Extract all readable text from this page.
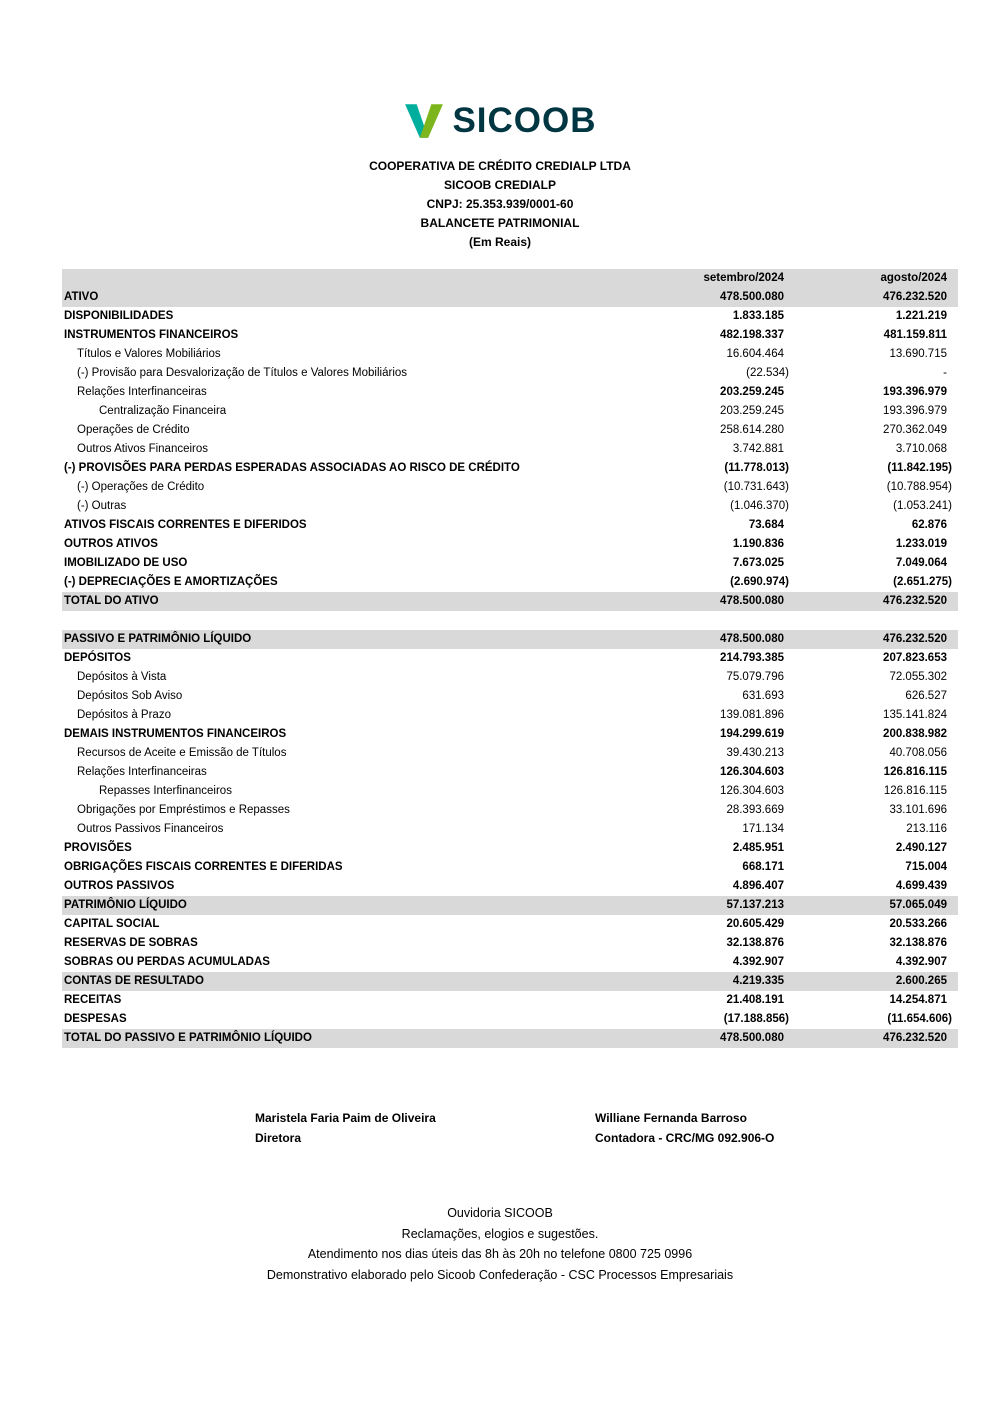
SICOOB
COOPERATIVA DE CRÉDITO CREDIALP LTDA
SICOOB CREDIALP
CNPJ: 25.353.939/0001-60
BALANCETE PATRIMONIAL
(Em Reais)
setembro/2024	agosto/2024
ATIVO	478.500.080	476.232.520
DISPONIBILIDADES	1.833.185	1.221.219
INSTRUMENTOS FINANCEIROS	482.198.337	481.159.811
Títulos e Valores Mobiliários	16.604.464	13.690.715
(-) Provisão para Desvalorização de Títulos e Valores Mobiliários	(22.534)	-
Relações Interfinanceiras	203.259.245	193.396.979
Centralização Financeira	203.259.245	193.396.979
Operações de Crédito	258.614.280	270.362.049
Outros Ativos Financeiros	3.742.881	3.710.068
(-) PROVISÕES PARA PERDAS ESPERADAS ASSOCIADAS AO RISCO DE CRÉDITO	(11.778.013)	(11.842.195)
(-) Operações de Crédito	(10.731.643)	(10.788.954)
(-) Outras	(1.046.370)	(1.053.241)
ATIVOS FISCAIS CORRENTES E DIFERIDOS	73.684	62.876
OUTROS ATIVOS	1.190.836	1.233.019
IMOBILIZADO DE USO	7.673.025	7.049.064
(-) DEPRECIAÇÕES E AMORTIZAÇÕES	(2.690.974)	(2.651.275)
TOTAL DO ATIVO	478.500.080	476.232.520
PASSIVO E PATRIMÔNIO LÍQUIDO	478.500.080	476.232.520
DEPÓSITOS	214.793.385	207.823.653
Depósitos à Vista	75.079.796	72.055.302
Depósitos Sob Aviso	631.693	626.527
Depósitos à Prazo	139.081.896	135.141.824
DEMAIS INSTRUMENTOS FINANCEIROS	194.299.619	200.838.982
Recursos de Aceite e Emissão de Títulos	39.430.213	40.708.056
Relações Interfinanceiras	126.304.603	126.816.115
Repasses Interfinanceiros	126.304.603	126.816.115
Obrigações por Empréstimos e Repasses	28.393.669	33.101.696
Outros Passivos Financeiros	171.134	213.116
PROVISÕES	2.485.951	2.490.127
OBRIGAÇÕES FISCAIS CORRENTES E DIFERIDAS	668.171	715.004
OUTROS PASSIVOS	4.896.407	4.699.439
PATRIMÔNIO LÍQUIDO	57.137.213	57.065.049
CAPITAL SOCIAL	20.605.429	20.533.266
RESERVAS DE SOBRAS	32.138.876	32.138.876
SOBRAS OU PERDAS ACUMULADAS	4.392.907	4.392.907
CONTAS DE RESULTADO	4.219.335	2.600.265
RECEITAS	21.408.191	14.254.871
DESPESAS	(17.188.856)	(11.654.606)
TOTAL DO PASSIVO E PATRIMÔNIO LÍQUIDO	478.500.080	476.232.520
Maristela Faria Paim de Oliveira
Diretora
Williane Fernanda Barroso
Contadora - CRC/MG 092.906-O
Ouvidoria SICOOB
Reclamações, elogios e sugestões.
Atendimento nos dias úteis das 8h às 20h no telefone 0800 725 0996
Demonstrativo elaborado pelo Sicoob Confederação - CSC Processos Empresariais
